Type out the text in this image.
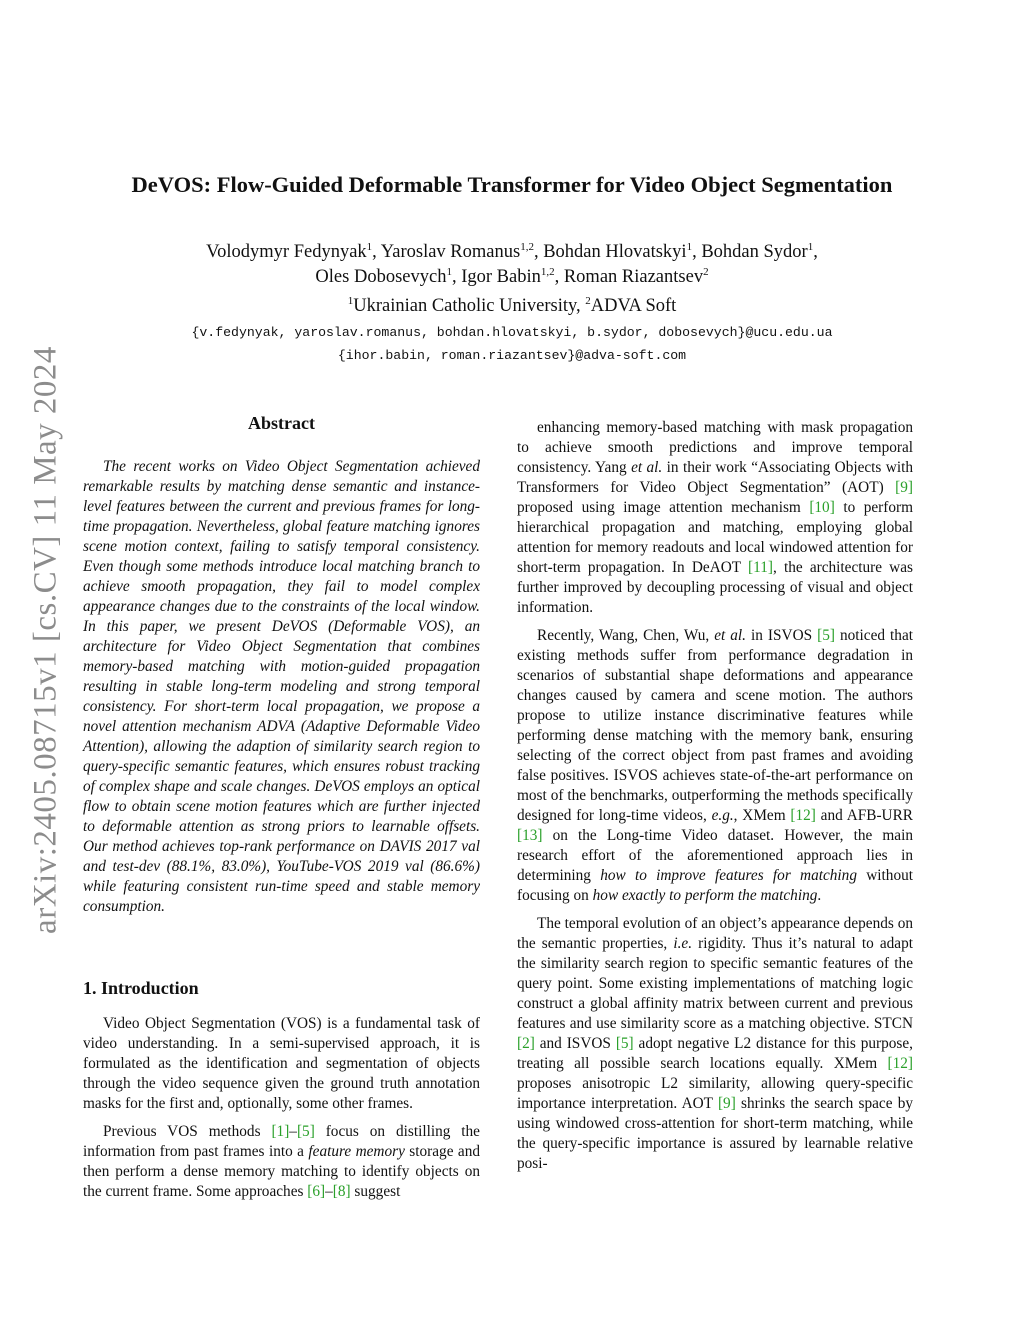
arXiv:2405.08715v1 [cs.CV] 11 May 2024
DeVOS: Flow-Guided Deformable Transformer for Video Object Segmentation
Volodymyr Fedynyak$^1$, Yaroslav Romanus$^{1,2}$, Bohdan Hlovatskyi$^1$, Bohdan Sydor$^1$,
Oles Dobosevych$^1$, Igor Babin$^{1,2}$, Roman Riazantsev$^2$
$^1$Ukrainian Catholic University, $^2$ADVA Soft
{v.fedynyak, yaroslav.romanus, bohdan.hlovatskyi, b.sydor, dobosevych}@ucu.edu.ua
{ihor.babin, roman.riazantsev}@adva-soft.com
Abstract

The recent works on Video Object Segmentation achieved remarkable results by matching dense semantic and instance-level features between the current and previous frames for long-time propagation. Nevertheless, global feature matching ignores scene motion context, failing to satisfy temporal consistency. Even though some methods introduce local matching branch to achieve smooth propagation, they fail to model complex appearance changes due to the constraints of the local window. In this paper, we present DeVOS (Deformable VOS), an architecture for Video Object Segmentation that combines memory-based matching with motion-guided propagation resulting in stable long-term modeling and strong temporal consistency. For short-term local propagation, we propose a novel attention mechanism ADVA (Adaptive Deformable Video Attention), allowing the adaption of similarity search region to query-specific semantic features, which ensures robust tracking of complex shape and scale changes. DeVOS employs an optical flow to obtain scene motion features which are further injected to deformable attention as strong priors to learnable offsets. Our method achieves top-rank performance on DAVIS 2017 val and test-dev (88.1%, 83.0%), YouTube-VOS 2019 val (86.6%) while featuring consistent run-time speed and stable memory consumption.

1. Introduction

Video Object Segmentation (VOS) is a fundamental task of video understanding. In a semi-supervised approach, it is formulated as the identification and segmentation of objects through the video sequence given the ground truth annotation masks for the first and, optionally, some other frames.

Previous VOS methods [1]–[5] focus on distilling the information from past frames into a feature memory storage and then perform a dense memory matching to identify objects on the current frame. Some approaches [6]–[8] suggest

enhancing memory-based matching with mask propagation to achieve smooth predictions and improve temporal consistency. Yang et al. in their work “Associating Objects with Transformers for Video Object Segmentation” (AOT) [9] proposed using image attention mechanism [10] to perform hierarchical propagation and matching, employing global attention for memory readouts and local windowed attention for short-term propagation. In DeAOT [11], the architecture was further improved by decoupling processing of visual and object information.

Recently, Wang, Chen, Wu, et al. in ISVOS [5] noticed that existing methods suffer from performance degradation in scenarios of substantial shape deformations and appearance changes caused by camera and scene motion. The authors propose to utilize instance discriminative features while performing dense matching with the memory bank, ensuring selecting of the correct object from past frames and avoiding false positives. ISVOS achieves state-of-the-art performance on most of the benchmarks, outperforming the methods specifically designed for long-time videos, e.g., XMem [12] and AFB-URR [13] on the Long-time Video dataset. However, the main research effort of the aforementioned approach lies in determining how to improve features for matching without focusing on how exactly to perform the matching.

The temporal evolution of an object’s appearance depends on the semantic properties, i.e. rigidity. Thus it’s natural to adapt the similarity search region to specific semantic features of the query point. Some existing implementations of matching logic construct a global affinity matrix between current and previous features and use similarity score as a matching objective. STCN [2] and ISVOS [5] adopt negative L2 distance for this purpose, treating all possible search locations equally. XMem [12] proposes anisotropic L2 similarity, allowing query-specific importance interpretation. AOT [9] shrinks the search space by using windowed cross-attention for short-term matching, while the query-specific importance is assured by learnable relative posi-
